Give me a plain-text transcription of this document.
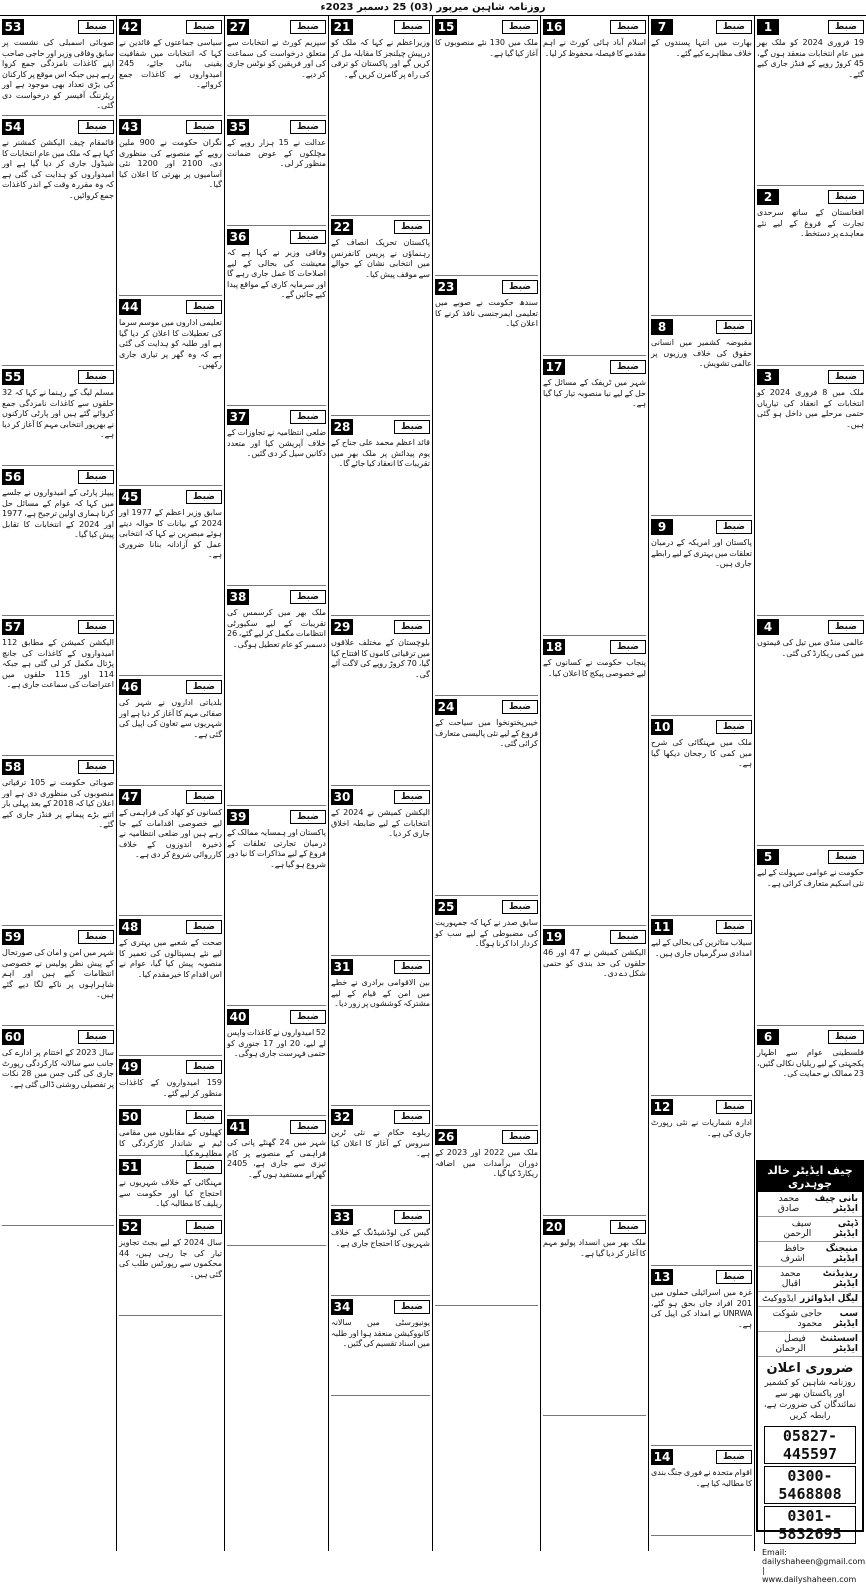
روزنامہ شاہین میرپور (03) 25 دسمبر 2023ء
53	ضبط
صوبائی اسمبلی کی نشست پر سابق وفاقی وزیر اور حاجی صاحب اپنے کاغذات نامزدگی جمع کروا رہے ہیں جبکہ اس موقع پر کارکنان کی بڑی تعداد بھی موجود ہے اور ریٹرننگ آفیسر کو درخواست دی گئی۔
54	ضبط
قائمقام چیف الیکشن کمشنر نے کہا ہے کہ ملک میں عام انتخابات کا شیڈول جاری کر دیا گیا ہے اور امیدواروں کو ہدایت کی گئی ہے کہ وہ مقررہ وقت کے اندر کاغذات جمع کروائیں۔
55	ضبط
مسلم لیگ کے رہنما نے کہا کہ 32 حلقوں سے کاغذات نامزدگی جمع کروائے گئے ہیں اور پارٹی کارکنوں نے بھرپور انتخابی مہم کا آغاز کر دیا ہے۔
56	ضبط
پیپلز پارٹی کے امیدواروں نے جلسے میں کہا کہ عوام کے مسائل حل کرنا ہماری اولین ترجیح ہے، 1977 اور 2024 کے انتخابات کا تقابل پیش کیا گیا۔
57	ضبط
الیکشن کمیشن کے مطابق 112 امیدواروں کے کاغذات کی جانچ پڑتال مکمل کر لی گئی ہے جبکہ 114 اور 115 حلقوں میں اعتراضات کی سماعت جاری ہے۔
58	ضبط
صوبائی حکومت نے 105 ترقیاتی منصوبوں کی منظوری دی ہے اور اعلان کیا کہ 2018 کے بعد پہلی بار اتنے بڑے پیمانے پر فنڈز جاری کیے گئے۔
59	ضبط
شہر میں امن و امان کی صورتحال کے پیش نظر پولیس نے خصوصی انتظامات کیے ہیں اور اہم شاہراہوں پر ناکے لگا دیے گئے ہیں۔
60	ضبط
سال 2023 کے اختتام پر ادارے کی جانب سے سالانہ کارکردگی رپورٹ جاری کی گئی جس میں 28 نکات پر تفصیلی روشنی ڈالی گئی ہے۔
42	ضبط
سیاسی جماعتوں کے قائدین نے کہا کہ انتخابات میں شفافیت یقینی بنائی جائے، 245 امیدواروں نے کاغذات جمع کروائے۔
43	ضبط
نگران حکومت نے 900 ملین روپے کے منصوبے کی منظوری دی، 2100 اور 1200 نئی آسامیوں پر بھرتی کا اعلان کیا گیا۔
44	ضبط
تعلیمی اداروں میں موسم سرما کی تعطیلات کا اعلان کر دیا گیا ہے اور طلبہ کو ہدایت کی گئی ہے کہ وہ گھر پر تیاری جاری رکھیں۔
45	ضبط
سابق وزیر اعظم کے 1977 اور 2024 کے بیانات کا حوالہ دیتے ہوئے مبصرین نے کہا کہ انتخابی عمل کو آزادانہ بنانا ضروری ہے۔
46	ضبط
بلدیاتی اداروں نے شہر کی صفائی مہم کا آغاز کر دیا ہے اور شہریوں سے تعاون کی اپیل کی گئی ہے۔
47	ضبط
کسانوں کو کھاد کی فراہمی کے لیے خصوصی اقدامات کیے جا رہے ہیں اور ضلعی انتظامیہ نے ذخیرہ اندوزوں کے خلاف کارروائی شروع کر دی ہے۔
48	ضبط
صحت کے شعبے میں بہتری کے لیے نئے ہسپتالوں کی تعمیر کا منصوبہ پیش کیا گیا، عوام نے اس اقدام کا خیرمقدم کیا۔
49	ضبط
159 امیدواروں کے کاغذات منظور کر لیے گئے۔
50	ضبط
کھیلوں کے مقابلوں میں مقامی ٹیم نے شاندار کارکردگی کا مظاہرہ کیا۔
51	ضبط
مہنگائی کے خلاف شہریوں نے احتجاج کیا اور حکومت سے ریلیف کا مطالبہ کیا۔
52	ضبط
سال 2024 کے لیے بجٹ تجاویز تیار کی جا رہی ہیں، 44 محکموں سے رپورٹس طلب کی گئی ہیں۔
27	ضبط
سپریم کورٹ نے انتخابات سے متعلق درخواست کی سماعت کی اور فریقین کو نوٹس جاری کر دیے۔
35	ضبط
عدالت نے 15 ہزار روپے کے مچلکوں کے عوض ضمانت منظور کر لی۔
36	ضبط
وفاقی وزیر نے کہا ہے کہ معیشت کی بحالی کے لیے اصلاحات کا عمل جاری رہے گا اور سرمایہ کاری کے مواقع پیدا کیے جائیں گے۔
37	ضبط
ضلعی انتظامیہ نے تجاوزات کے خلاف آپریشن کیا اور متعدد دکانیں سیل کر دی گئیں۔
38	ضبط
ملک بھر میں کرسمس کی تقریبات کے لیے سکیورٹی انتظامات مکمل کر لیے گئے، 26 دسمبر کو عام تعطیل ہوگی۔
39	ضبط
پاکستان اور ہمسایہ ممالک کے درمیان تجارتی تعلقات کے فروغ کے لیے مذاکرات کا نیا دور شروع ہو گیا ہے۔
40	ضبط
52 امیدواروں نے کاغذات واپس لے لیے، 20 اور 17 جنوری کو حتمی فہرست جاری ہوگی۔
41	ضبط
شہر میں 24 گھنٹے پانی کی فراہمی کے منصوبے پر کام تیزی سے جاری ہے، 2405 گھرانے مستفید ہوں گے۔
21	ضبط
وزیراعظم نے کہا کہ ملک کو درپیش چیلنجز کا مقابلہ مل کر کریں گے اور پاکستان کو ترقی کی راہ پر گامزن کریں گے۔
22	ضبط
پاکستان تحریک انصاف کے رہنماؤں نے پریس کانفرنس میں انتخابی نشان کے حوالے سے موقف پیش کیا۔
28	ضبط
قائد اعظم محمد علی جناح کے یوم پیدائش پر ملک بھر میں تقریبات کا انعقاد کیا جائے گا۔
29	ضبط
بلوچستان کے مختلف علاقوں میں ترقیاتی کاموں کا افتتاح کیا گیا، 70 کروڑ روپے کی لاگت آئے گی۔
30	ضبط
الیکشن کمیشن نے 2024 کے انتخابات کے لیے ضابطہ اخلاق جاری کر دیا۔
31	ضبط
بین الاقوامی برادری نے خطے میں امن کے قیام کے لیے مشترکہ کوششوں پر زور دیا۔
32	ضبط
ریلوے حکام نے نئی ٹرین سروس کے آغاز کا اعلان کیا ہے۔
33	ضبط
گیس کی لوڈشیڈنگ کے خلاف شہریوں کا احتجاج جاری ہے۔
34	ضبط
یونیورسٹی میں سالانہ کانووکیشن منعقد ہوا اور طلبہ میں اسناد تقسیم کی گئیں۔
15	ضبط
ملک میں 130 نئے منصوبوں کا آغاز کیا گیا ہے۔
23	ضبط
سندھ حکومت نے صوبے میں تعلیمی ایمرجنسی نافذ کرنے کا اعلان کیا۔
24	ضبط
خیبرپختونخوا میں سیاحت کے فروغ کے لیے نئی پالیسی متعارف کرائی گئی۔
25	ضبط
سابق صدر نے کہا کہ جمہوریت کی مضبوطی کے لیے سب کو کردار ادا کرنا ہوگا۔
26	ضبط
ملک میں 2022 اور 2023 کے دوران برآمدات میں اضافہ ریکارڈ کیا گیا۔
16	ضبط
اسلام آباد ہائی کورٹ نے اہم مقدمے کا فیصلہ محفوظ کر لیا۔
17	ضبط
شہر میں ٹریفک کے مسائل کے حل کے لیے نیا منصوبہ تیار کیا گیا ہے۔
18	ضبط
پنجاب حکومت نے کسانوں کے لیے خصوصی پیکج کا اعلان کیا۔
19	ضبط
الیکشن کمیشن نے 47 اور 46 حلقوں کی حد بندی کو حتمی شکل دے دی۔
20	ضبط
ملک بھر میں انسداد پولیو مہم کا آغاز کر دیا گیا ہے۔
7	ضبط
بھارت میں انتہا پسندوں کے خلاف مظاہرے کیے گئے۔
8	ضبط
مقبوضہ کشمیر میں انسانی حقوق کی خلاف ورزیوں پر عالمی تشویش۔
9	ضبط
پاکستان اور امریکہ کے درمیان تعلقات میں بہتری کے لیے رابطے جاری ہیں۔
10	ضبط
ملک میں مہنگائی کی شرح میں کمی کا رجحان دیکھا گیا ہے۔
11	ضبط
سیلاب متاثرین کی بحالی کے لیے امدادی سرگرمیاں جاری ہیں۔
12	ضبط
ادارہ شماریات نے نئی رپورٹ جاری کی ہے۔
13	ضبط
غزہ میں اسرائیلی حملوں میں 201 افراد جاں بحق ہو گئے، UNRWA نے امداد کی اپیل کی ہے۔
14	ضبط
اقوام متحدہ نے فوری جنگ بندی کا مطالبہ کیا ہے۔
1	ضبط
19 فروری 2024 کو ملک بھر میں عام انتخابات منعقد ہوں گے، 45 کروڑ روپے کے فنڈز جاری کیے گئے۔
2	ضبط
افغانستان کے ساتھ سرحدی تجارت کے فروغ کے لیے نئے معاہدے پر دستخط۔
3	ضبط
ملک میں 8 فروری 2024 کو انتخابات کے انعقاد کی تیاریاں حتمی مرحلے میں داخل ہو گئی ہیں۔
4	ضبط
عالمی منڈی میں تیل کی قیمتوں میں کمی ریکارڈ کی گئی۔
5	ضبط
حکومت نے عوامی سہولت کے لیے نئی اسکیم متعارف کرائی ہے۔
6	ضبط
فلسطینی عوام سے اظہار یکجہتی کے لیے ریلیاں نکالی گئیں، 23 ممالک نے حمایت کی۔
چیف ایڈیٹر خالد چوہدری
بانی چیف ایڈیٹر
محمد صادق
ڈپٹی ایڈیٹر
سیف الرحمن
منیجنگ ایڈیٹر
حافظ اشرف
ریذیڈنٹ ایڈیٹر
محمد اقبال
لیگل ایڈوائزر
ایڈووکیٹ
سب ایڈیٹر
حاجی شوکت محمود
اسسٹنٹ ایڈیٹر
فیصل الرحمان
ضروری اعلان
روزنامہ شاہین کو کشمیر اور پاکستان بھر سے نمائندگان کی ضرورت ہے، رابطہ کریں
05827-445597
0300-5468808
0301-5832695
Email: dailyshaheen@gmail.com | www.dailyshaheen.com
